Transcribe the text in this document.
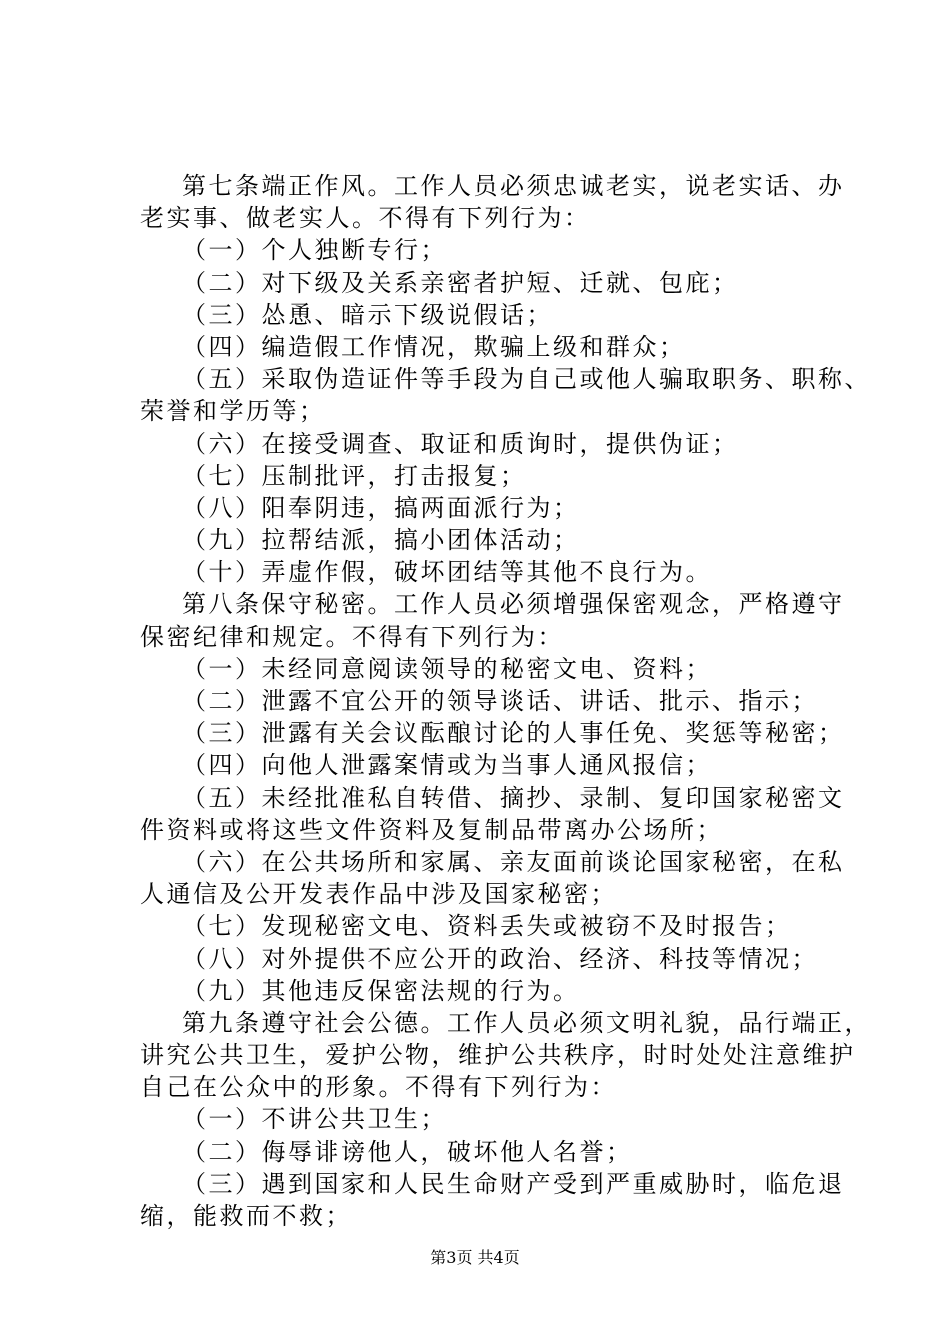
第七条端正作风。工作人员必须忠诚老实，说老实话、办
老实事、做老实人。不得有下列行为：
（一）个人独断专行；
（二）对下级及关系亲密者护短、迁就、包庇；
（三）怂恿、暗示下级说假话；
（四）编造假工作情况，欺骗上级和群众；
（五）采取伪造证件等手段为自己或他人骗取职务、职称、
荣誉和学历等；
（六）在接受调查、取证和质询时，提供伪证；
（七）压制批评，打击报复；
（八）阳奉阴违，搞两面派行为；
（九）拉帮结派，搞小团体活动；
（十）弄虚作假，破坏团结等其他不良行为。
第八条保守秘密。工作人员必须增强保密观念，严格遵守
保密纪律和规定。不得有下列行为：
（一）未经同意阅读领导的秘密文电、资料；
（二）泄露不宜公开的领导谈话、讲话、批示、指示；
（三）泄露有关会议酝酿讨论的人事任免、奖惩等秘密；
（四）向他人泄露案情或为当事人通风报信；
（五）未经批准私自转借、摘抄、录制、复印国家秘密文
件资料或将这些文件资料及复制品带离办公场所；
（六）在公共场所和家属、亲友面前谈论国家秘密，在私
人通信及公开发表作品中涉及国家秘密；
（七）发现秘密文电、资料丢失或被窃不及时报告；
（八）对外提供不应公开的政治、经济、科技等情况；
（九）其他违反保密法规的行为。
第九条遵守社会公德。工作人员必须文明礼貌，品行端正，
讲究公共卫生，爱护公物，维护公共秩序，时时处处注意维护
自己在公众中的形象。不得有下列行为：
（一）不讲公共卫生；
（二）侮辱诽谤他人，破坏他人名誉；
（三）遇到国家和人民生命财产受到严重威胁时，临危退
缩，能救而不救；
第3页 共4页
